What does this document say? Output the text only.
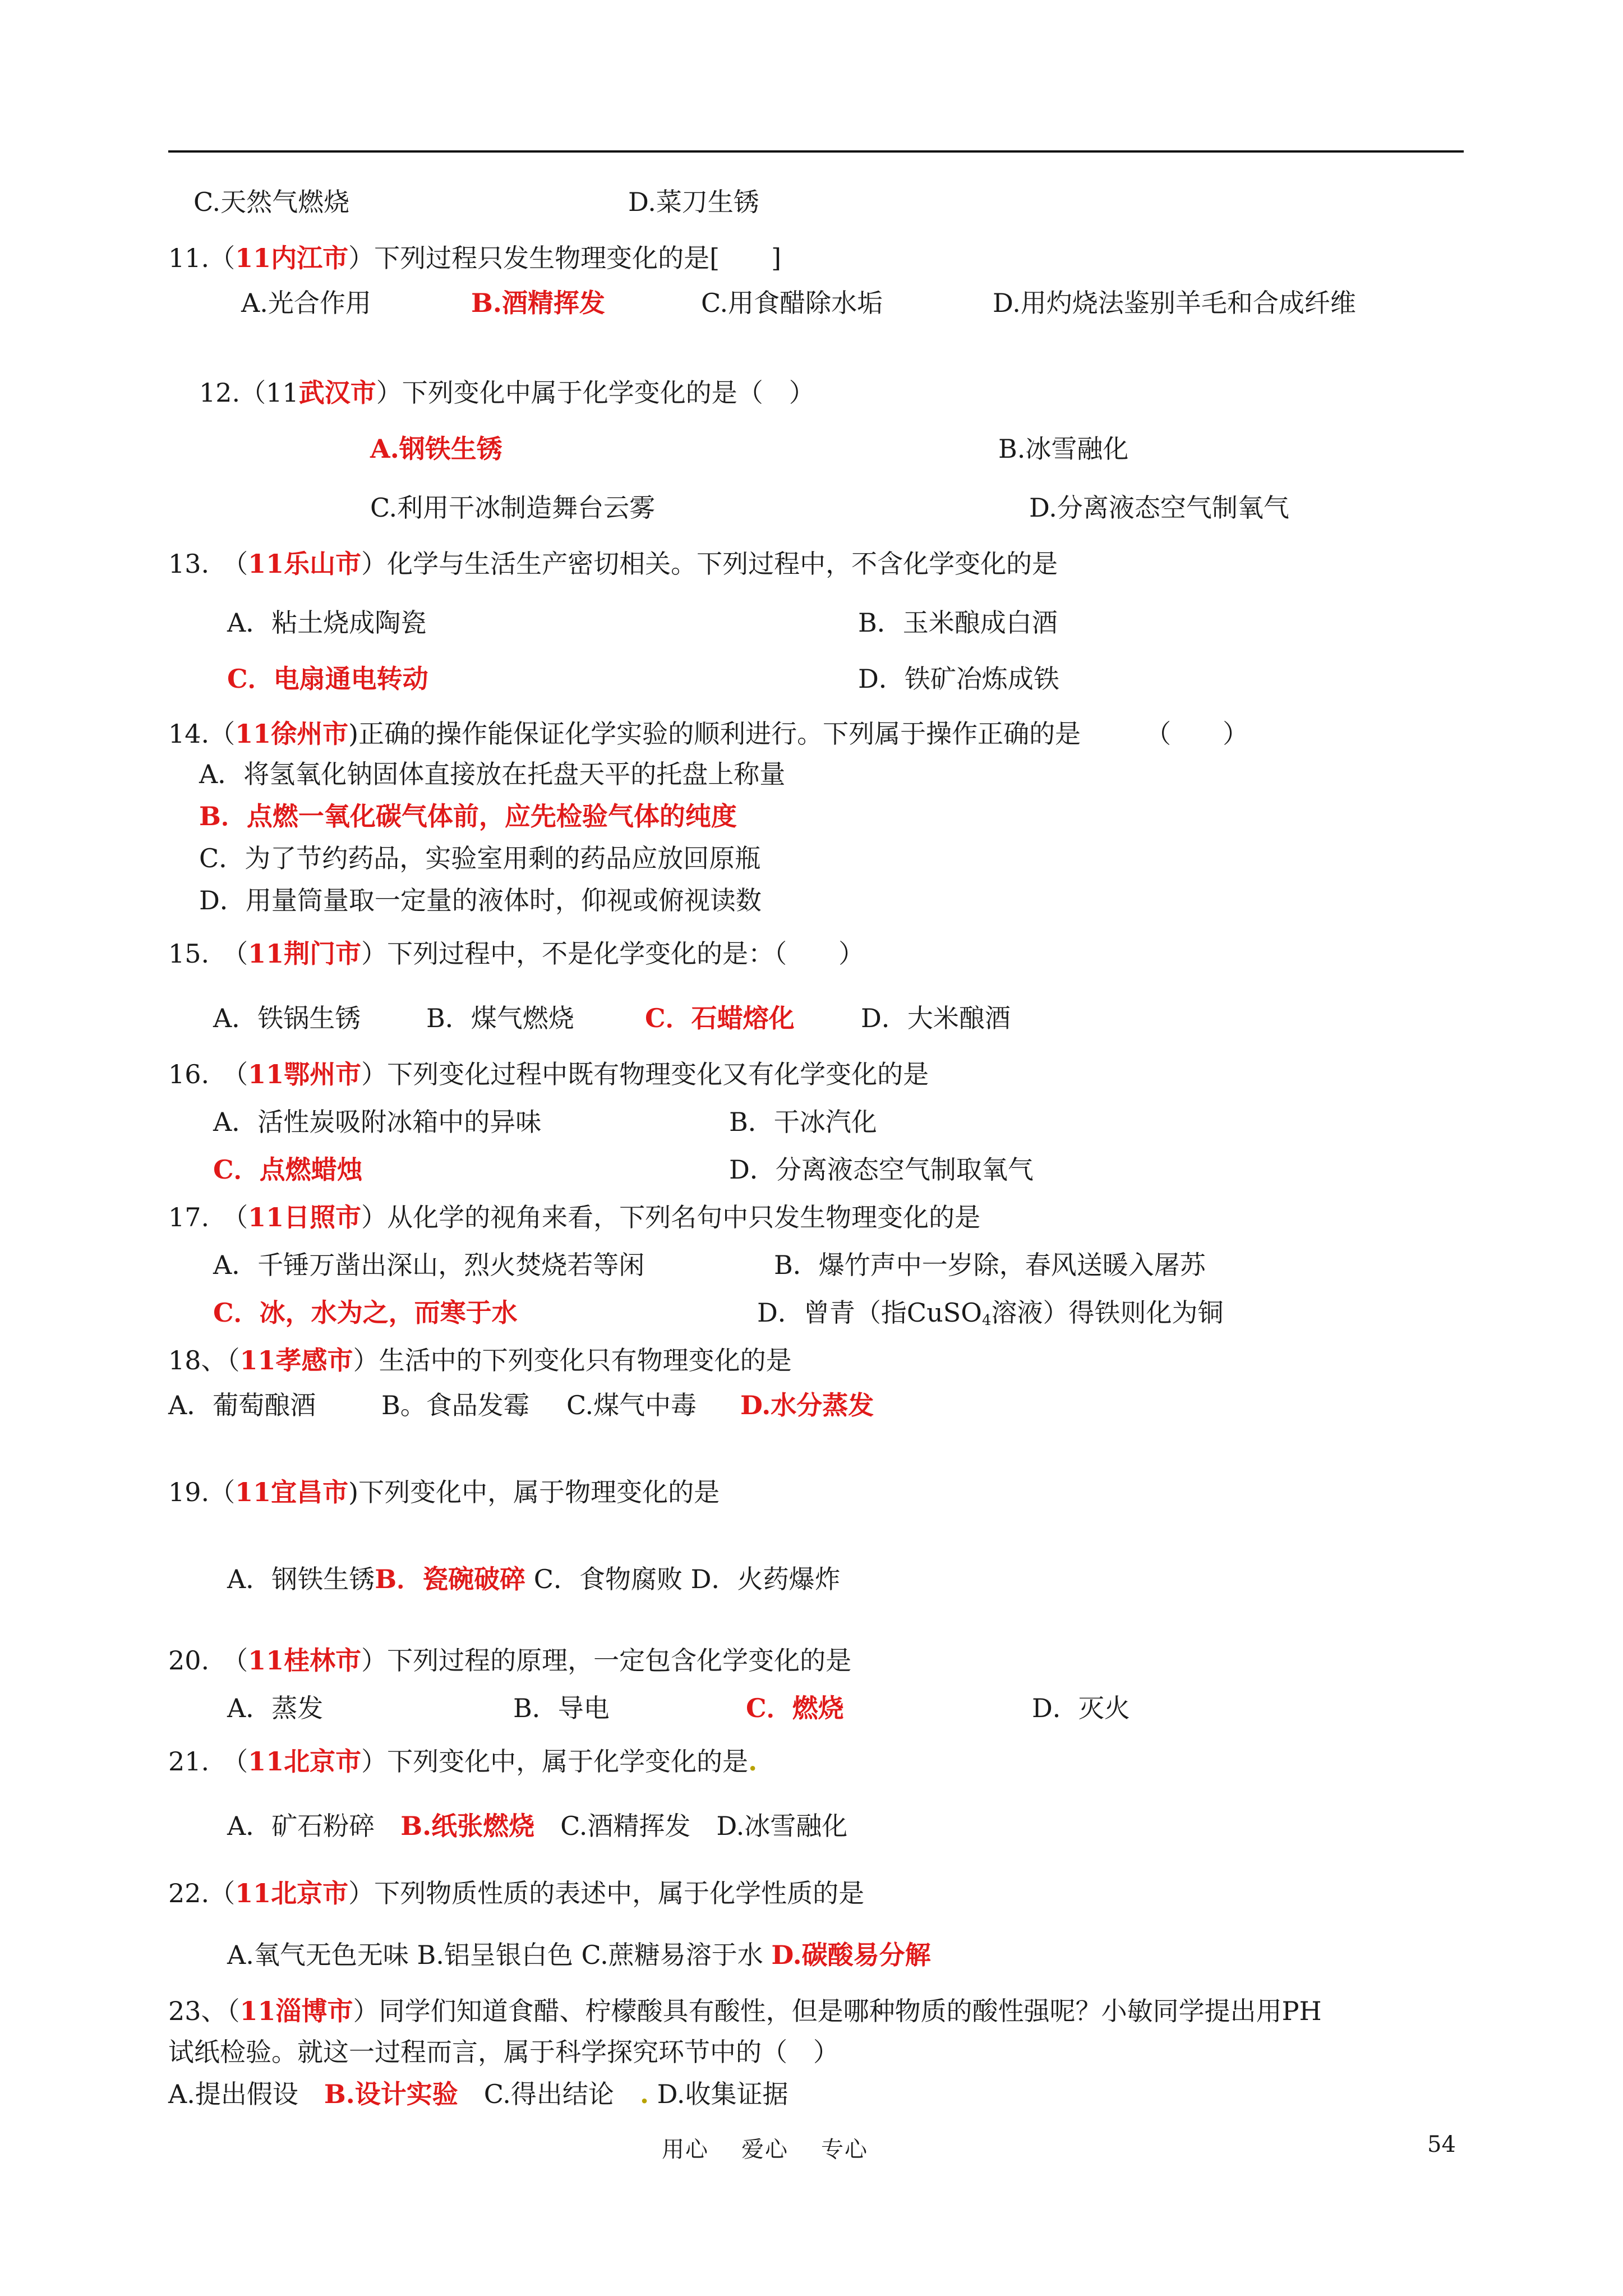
C.天然气燃烧	D.菜刀生锈
11.（11内江市）下列过程只发生物理变化的是[　　]
A.光合作用	B.酒精挥发	C.用食醋除水垢	D.用灼烧法鉴别羊毛和合成纤维
12.（11武汉市）下列变化中属于化学变化的是（　）
A.钢铁生锈	B.冰雪融化
C.利用干冰制造舞台云雾	D.分离液态空气制氧气
13.　（11乐山市）化学与生活生产密切相关。下列过程中，不含化学变化的是
A．粘土烧成陶瓷	B．玉米酿成白酒
C．电扇通电转动	D．铁矿冶炼成铁
14.（11徐州市)正确的操作能保证化学实验的顺利进行。下列属于操作正确的是　　　（　　）
A．将氢氧化钠固体直接放在托盘天平的托盘上称量
B．点燃一氧化碳气体前，应先检验气体的纯度
C．为了节约药品，实验室用剩的药品应放回原瓶
D．用量筒量取一定量的液体时，仰视或俯视读数
15.　（11荆门市）下列过程中，不是化学变化的是：（　　）
A．铁锅生锈	B．煤气燃烧	C．石蜡熔化	D．大米酿酒
16.　（11鄂州市）下列变化过程中既有物理变化又有化学变化的是
A．活性炭吸附冰箱中的异味	B．干冰汽化
C．点燃蜡烛	D．分离液态空气制取氧气
17.　（11日照市）从化学的视角来看，下列名句中只发生物理变化的是
A．千锤万凿出深山，烈火焚烧若等闲	B．爆竹声中一岁除，春风送暖入屠苏
C．冰，水为之，而寒于水	D．曾青（指CuSO$_4$溶液）得铁则化为铜
18、（11孝感市）生活中的下列变化只有物理变化的是
A．葡萄酿酒	B。食品发霉 C.煤气中毒 D.水分蒸发
19.（11宜昌市)下列变化中，属于物理变化的是
A．钢铁生锈B．瓷碗破碎 C．食物腐败 D．火药爆炸
20.　（11桂林市）下列过程的原理，一定包含化学变化的是
A．蒸发	B．导电	C．燃烧	D．灭火
21.　（11北京市）下列变化中，属于化学变化的是.
A．矿石粉碎　 B.纸张燃烧　 C.酒精挥发　 D.冰雪融化
22.（11北京市）下列物质性质的表述中，属于化学性质的是
A.氧气无色无味 B.铝呈银白色 C.蔗糖易溶于水 D.碳酸易分解
23、（11淄博市）同学们知道食醋、柠檬酸具有酸性，但是哪种物质的酸性强呢？小敏同学提出用PH
试纸检验。就这一过程而言，属于科学探究环节中的（　）
A.提出假设　 B.设计实验　 C.得出结论　 . D.收集证据
用心 爱心 专心	54
